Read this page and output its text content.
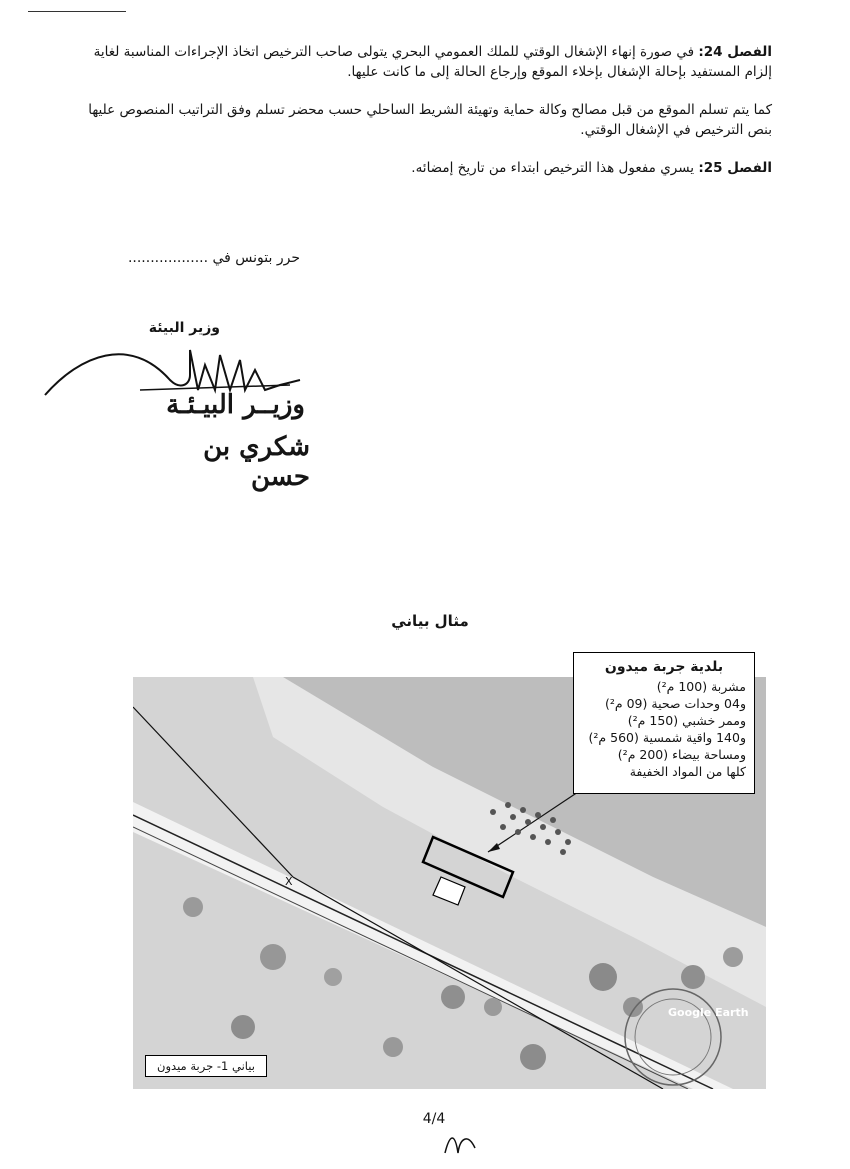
الفصل 24: في صورة إنهاء الإشغال الوقتي للملك العمومي البحري يتولى صاحب الترخيص اتخاذ الإجراءات المناسبة لغاية
إلزام المستفيد بإحالة الإشغال بإخلاء الموقع وإرجاع الحالة إلى ما كانت عليها.
كما يتم تسلم الموقع من قبل مصالح وكالة حماية وتهيئة الشريط الساحلي حسب محضر تسلم وفق التراتيب المنصوص عليها
بنص الترخيص في الإشغال الوقتي.
الفصل 25: يسري مفعول هذا الترخيص ابتداء من تاريخ إمضائه.
حرر بتونس في ..................
وزير البيئة
وزيــر البيـئـة
شكري بن حسن
مثال بياني
X
بلدية جربة ميدون
مشربة (100 م²)
و04 وحدات صحية (09 م²)
وممر خشبي (150 م²)
و140 واقية شمسية (560 م²)
ومساحة بيضاء (200 م²)
كلها من المواد الخفيفة
Google Earth
بياني 1- جربة ميدون
4/4
